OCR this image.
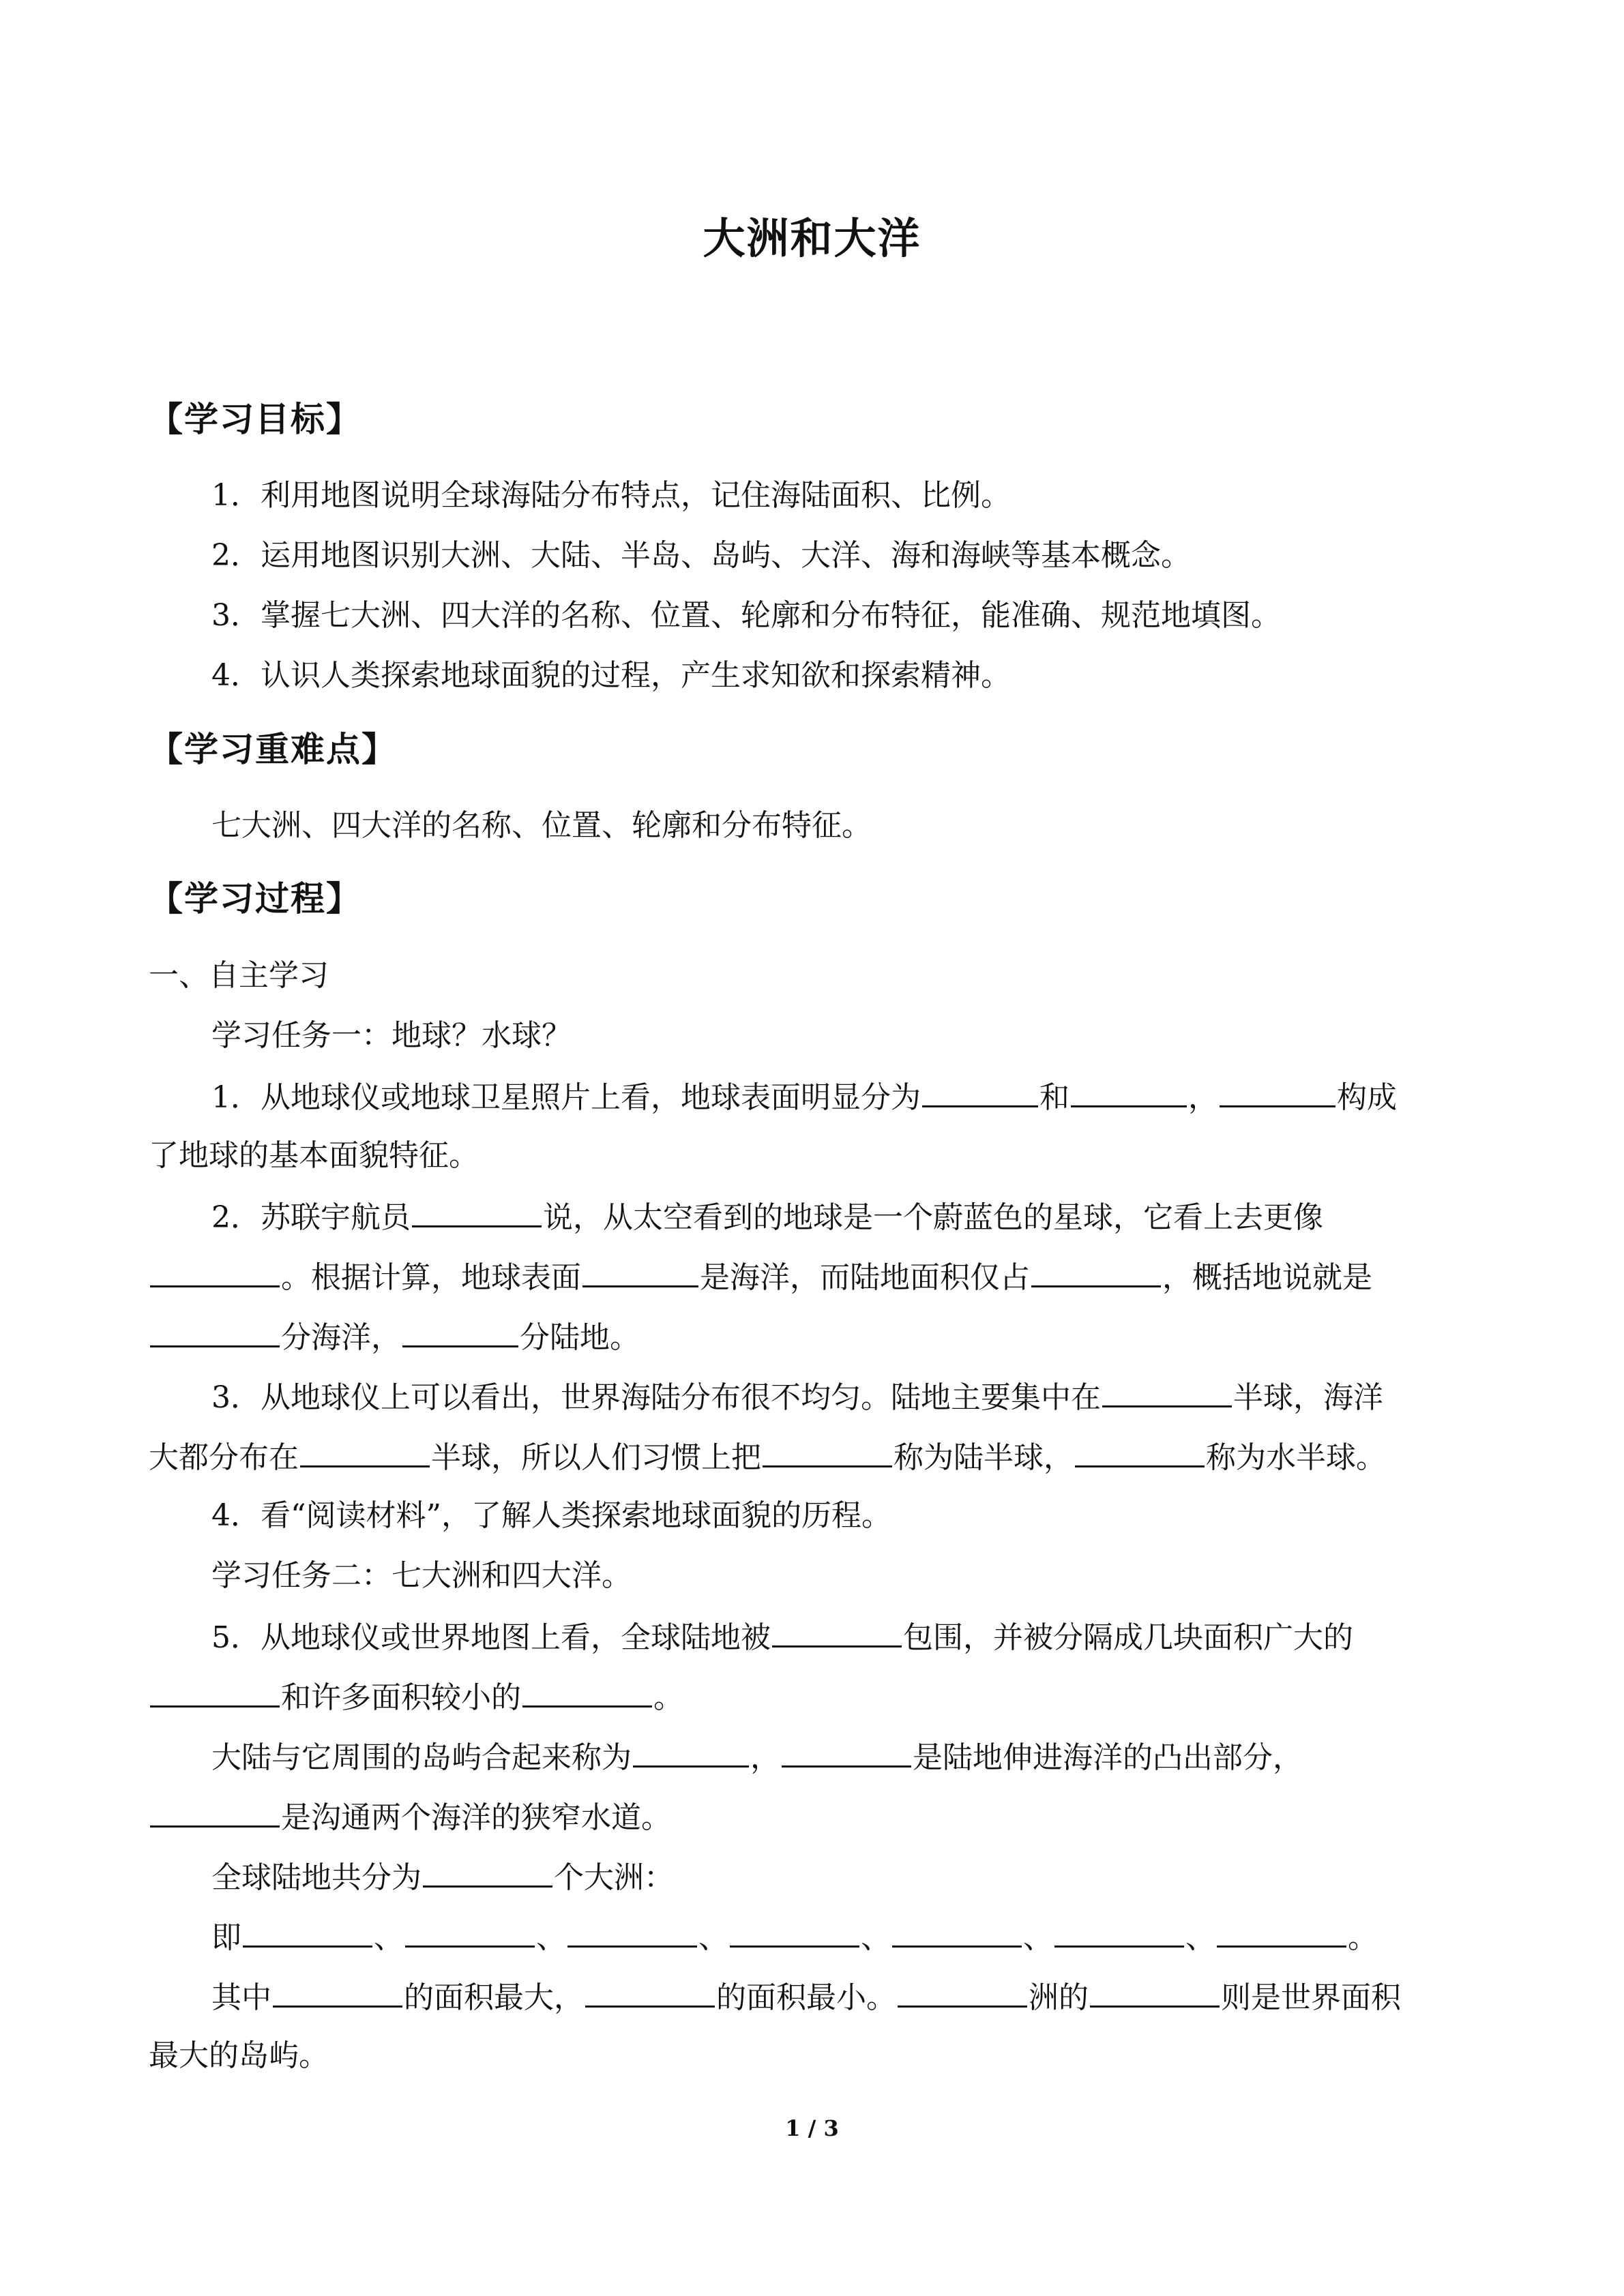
大洲和大洋
【学习目标】
1．利用地图说明全球海陆分布特点，记住海陆面积、比例。
2．运用地图识别大洲、大陆、半岛、岛屿、大洋、海和海峡等基本概念。
3．掌握七大洲、四大洋的名称、位置、轮廓和分布特征，能准确、规范地填图。
4．认识人类探索地球面貌的过程，产生求知欲和探索精神。
【学习重难点】
七大洲、四大洋的名称、位置、轮廓和分布特征。
【学习过程】
一、自主学习
学习任务一：地球？水球？
1．从地球仪或地球卫星照片上看，地球表面明显分为	和	，	构成
了地球的基本面貌特征。
2．苏联宇航员	说，从太空看到的地球是一个蔚蓝色的星球，它看上去更像
。根据计算，地球表面	是海洋，而陆地面积仅占	，概括地说就是
分海洋，	分陆地。
3．从地球仪上可以看出，世界海陆分布很不均匀。陆地主要集中在	半球，海洋
大都分布在	半球，所以人们习惯上把	称为陆半球，	称为水半球。
4．看“阅读材料”，了解人类探索地球面貌的历程。
学习任务二：七大洲和四大洋。
5．从地球仪或世界地图上看，全球陆地被	包围，并被分隔成几块面积广大的
和许多面积较小的	。
大陆与它周围的岛屿合起来称为	，	是陆地伸进海洋的凸出部分，
是沟通两个海洋的狭窄水道。
全球陆地共分为	个大洲：
即	、	、	、	、	、	、	。
其中	的面积最大，	的面积最小。	洲的	则是世界面积
最大的岛屿。
1 / 3
